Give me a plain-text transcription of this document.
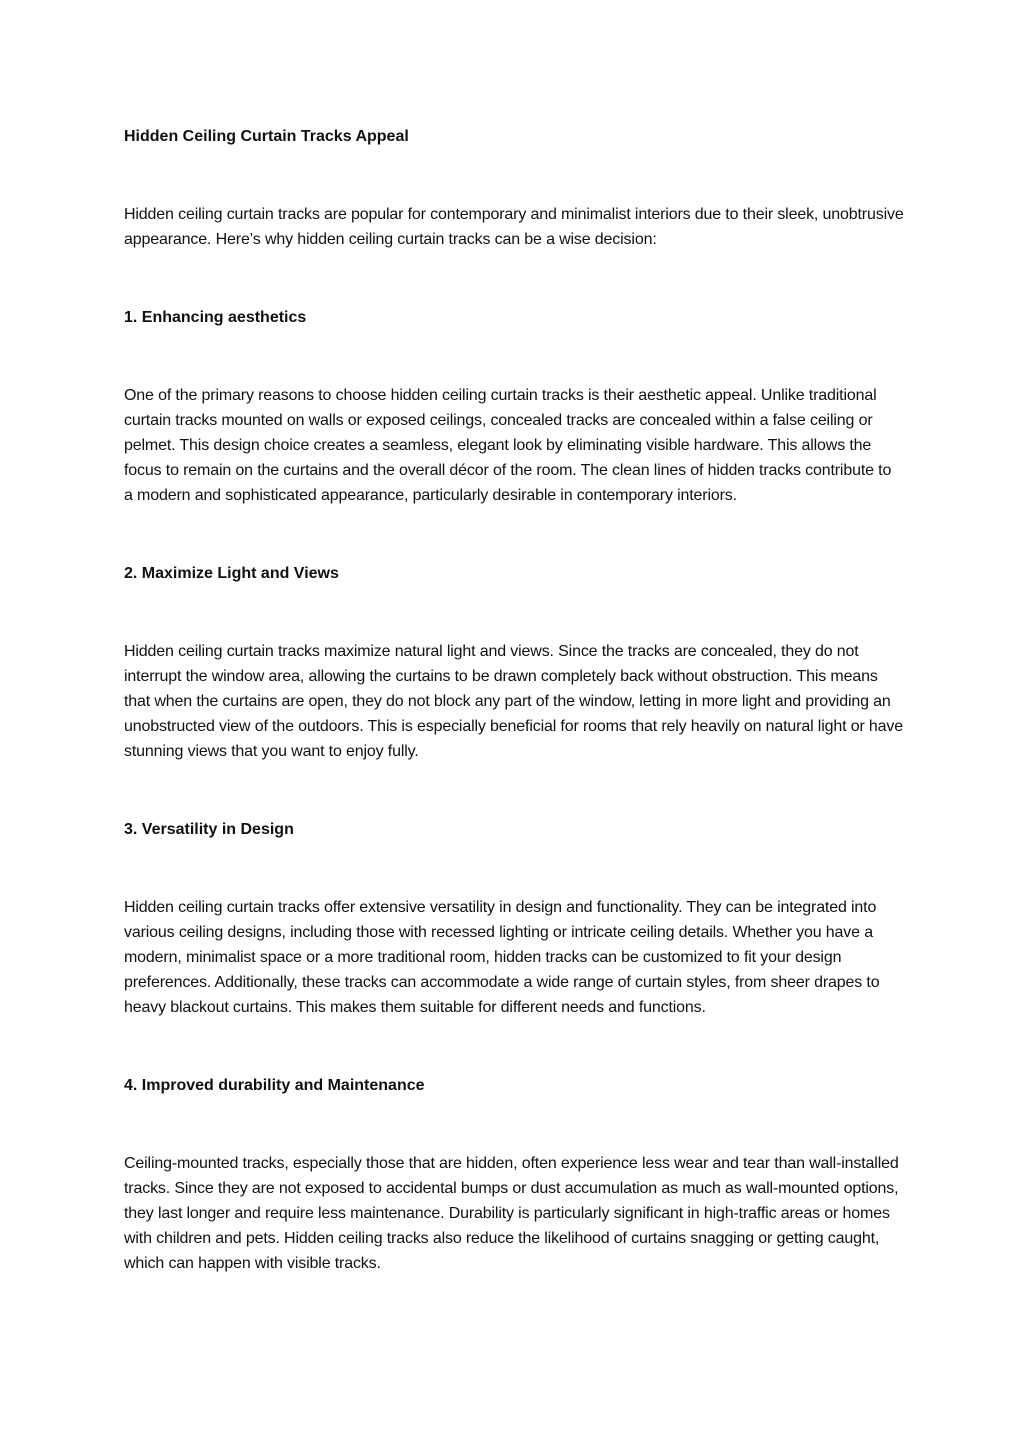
Hidden Ceiling Curtain Tracks Appeal

Hidden ceiling curtain tracks are popular for contemporary and minimalist interiors due to their sleek, unobtrusive appearance. Here’s why hidden ceiling curtain tracks can be a wise decision:

1. Enhancing aesthetics

One of the primary reasons to choose hidden ceiling curtain tracks is their aesthetic appeal. Unlike traditional curtain tracks mounted on walls or exposed ceilings, concealed tracks are concealed within a false ceiling or pelmet. This design choice creates a seamless, elegant look by eliminating visible hardware. This allows the focus to remain on the curtains and the overall décor of the room. The clean lines of hidden tracks contribute to a modern and sophisticated appearance, particularly desirable in contemporary interiors.

2. Maximize Light and Views

Hidden ceiling curtain tracks maximize natural light and views. Since the tracks are concealed, they do not interrupt the window area, allowing the curtains to be drawn completely back without obstruction. This means that when the curtains are open, they do not block any part of the window, letting in more light and providing an unobstructed view of the outdoors. This is especially beneficial for rooms that rely heavily on natural light or have stunning views that you want to enjoy fully.

3. Versatility in Design

Hidden ceiling curtain tracks offer extensive versatility in design and functionality. They can be integrated into various ceiling designs, including those with recessed lighting or intricate ceiling details. Whether you have a modern, minimalist space or a more traditional room, hidden tracks can be customized to fit your design preferences. Additionally, these tracks can accommodate a wide range of curtain styles, from sheer drapes to heavy blackout curtains. This makes them suitable for different needs and functions.

4. Improved durability and Maintenance

Ceiling-mounted tracks, especially those that are hidden, often experience less wear and tear than wall-installed tracks. Since they are not exposed to accidental bumps or dust accumulation as much as wall-mounted options, they last longer and require less maintenance. Durability is particularly significant in high-traffic areas or homes with children and pets. Hidden ceiling tracks also reduce the likelihood of curtains snagging or getting caught, which can happen with visible tracks.
